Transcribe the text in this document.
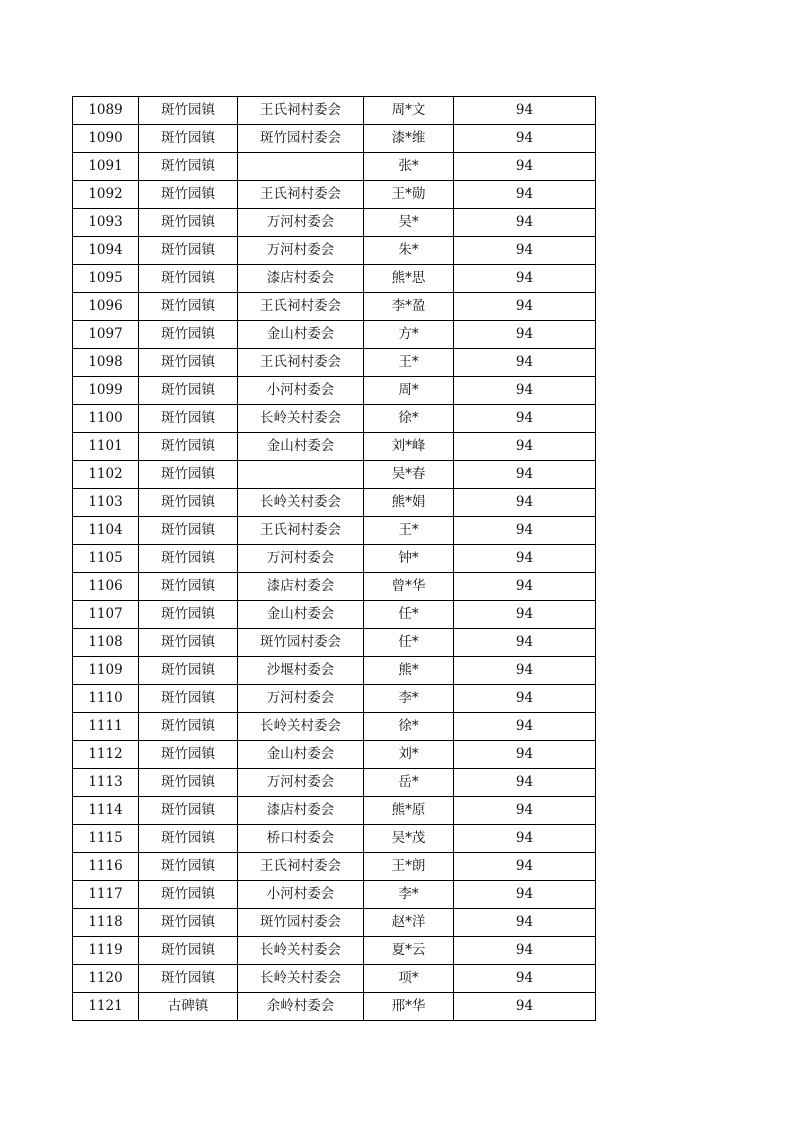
1089	斑竹园镇	王氏祠村委会	周*文	94
1090	斑竹园镇	斑竹园村委会	漆*维	94
1091	斑竹园镇		张*	94
1092	斑竹园镇	王氏祠村委会	王*勋	94
1093	斑竹园镇	万河村委会	吴*	94
1094	斑竹园镇	万河村委会	朱*	94
1095	斑竹园镇	漆店村委会	熊*思	94
1096	斑竹园镇	王氏祠村委会	李*盈	94
1097	斑竹园镇	金山村委会	方*	94
1098	斑竹园镇	王氏祠村委会	王*	94
1099	斑竹园镇	小河村委会	周*	94
1100	斑竹园镇	长岭关村委会	徐*	94
1101	斑竹园镇	金山村委会	刘*峰	94
1102	斑竹园镇		吴*春	94
1103	斑竹园镇	长岭关村委会	熊*娟	94
1104	斑竹园镇	王氏祠村委会	王*	94
1105	斑竹园镇	万河村委会	钟*	94
1106	斑竹园镇	漆店村委会	曾*华	94
1107	斑竹园镇	金山村委会	任*	94
1108	斑竹园镇	斑竹园村委会	任*	94
1109	斑竹园镇	沙堰村委会	熊*	94
1110	斑竹园镇	万河村委会	李*	94
1111	斑竹园镇	长岭关村委会	徐*	94
1112	斑竹园镇	金山村委会	刘*	94
1113	斑竹园镇	万河村委会	岳*	94
1114	斑竹园镇	漆店村委会	熊*原	94
1115	斑竹园镇	桥口村委会	吴*茂	94
1116	斑竹园镇	王氏祠村委会	王*朗	94
1117	斑竹园镇	小河村委会	李*	94
1118	斑竹园镇	斑竹园村委会	赵*洋	94
1119	斑竹园镇	长岭关村委会	夏*云	94
1120	斑竹园镇	长岭关村委会	项*	94
1121	古碑镇	余岭村委会	邢*华	94
